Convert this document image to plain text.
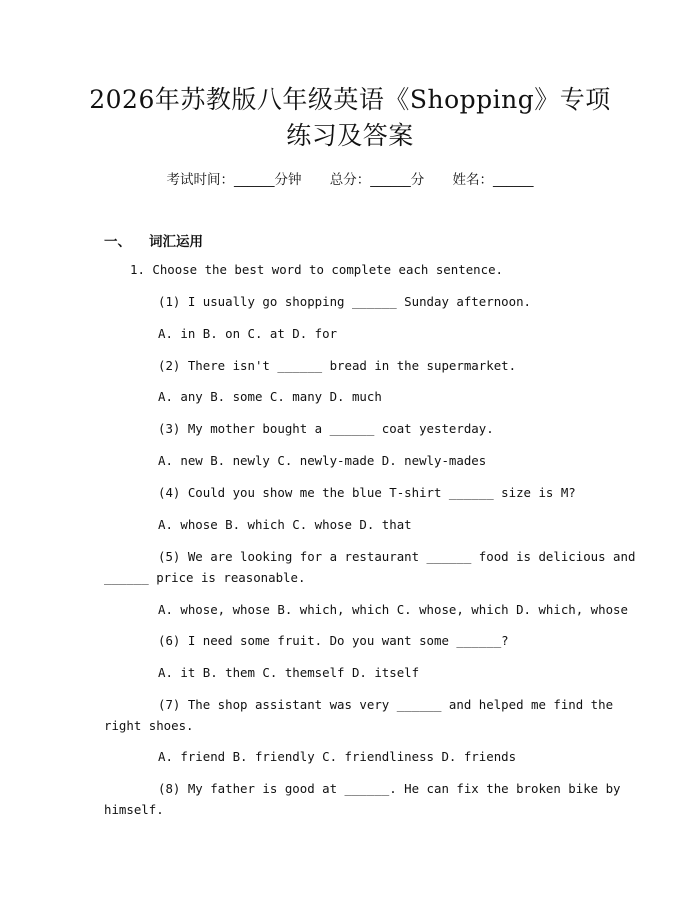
2026年苏教版八年级英语《Shopping》专项
练习及答案
考试时间：______分钟 总分：______分 姓名：______
一、 词汇运用
1. Choose the best word to complete each sentence.
(1) I usually go shopping ______ Sunday afternoon.
A. in B. on C. at D. for
(2) There isn't ______ bread in the supermarket.
A. any B. some C. many D. much
(3) My mother bought a ______ coat yesterday.
A. new B. newly C. newly-made D. newly-mades
(4) Could you show me the blue T-shirt ______ size is M?
A. whose B. which C. whose D. that
(5) We are looking for a restaurant ______ food is delicious and
______ price is reasonable.
A. whose, whose B. which, which C. whose, which D. which, whose
(6) I need some fruit. Do you want some ______?
A. it B. them C. themself D. itself
(7) The shop assistant was very ______ and helped me find the
right shoes.
A. friend B. friendly C. friendliness D. friends
(8) My father is good at ______. He can fix the broken bike by
himself.
